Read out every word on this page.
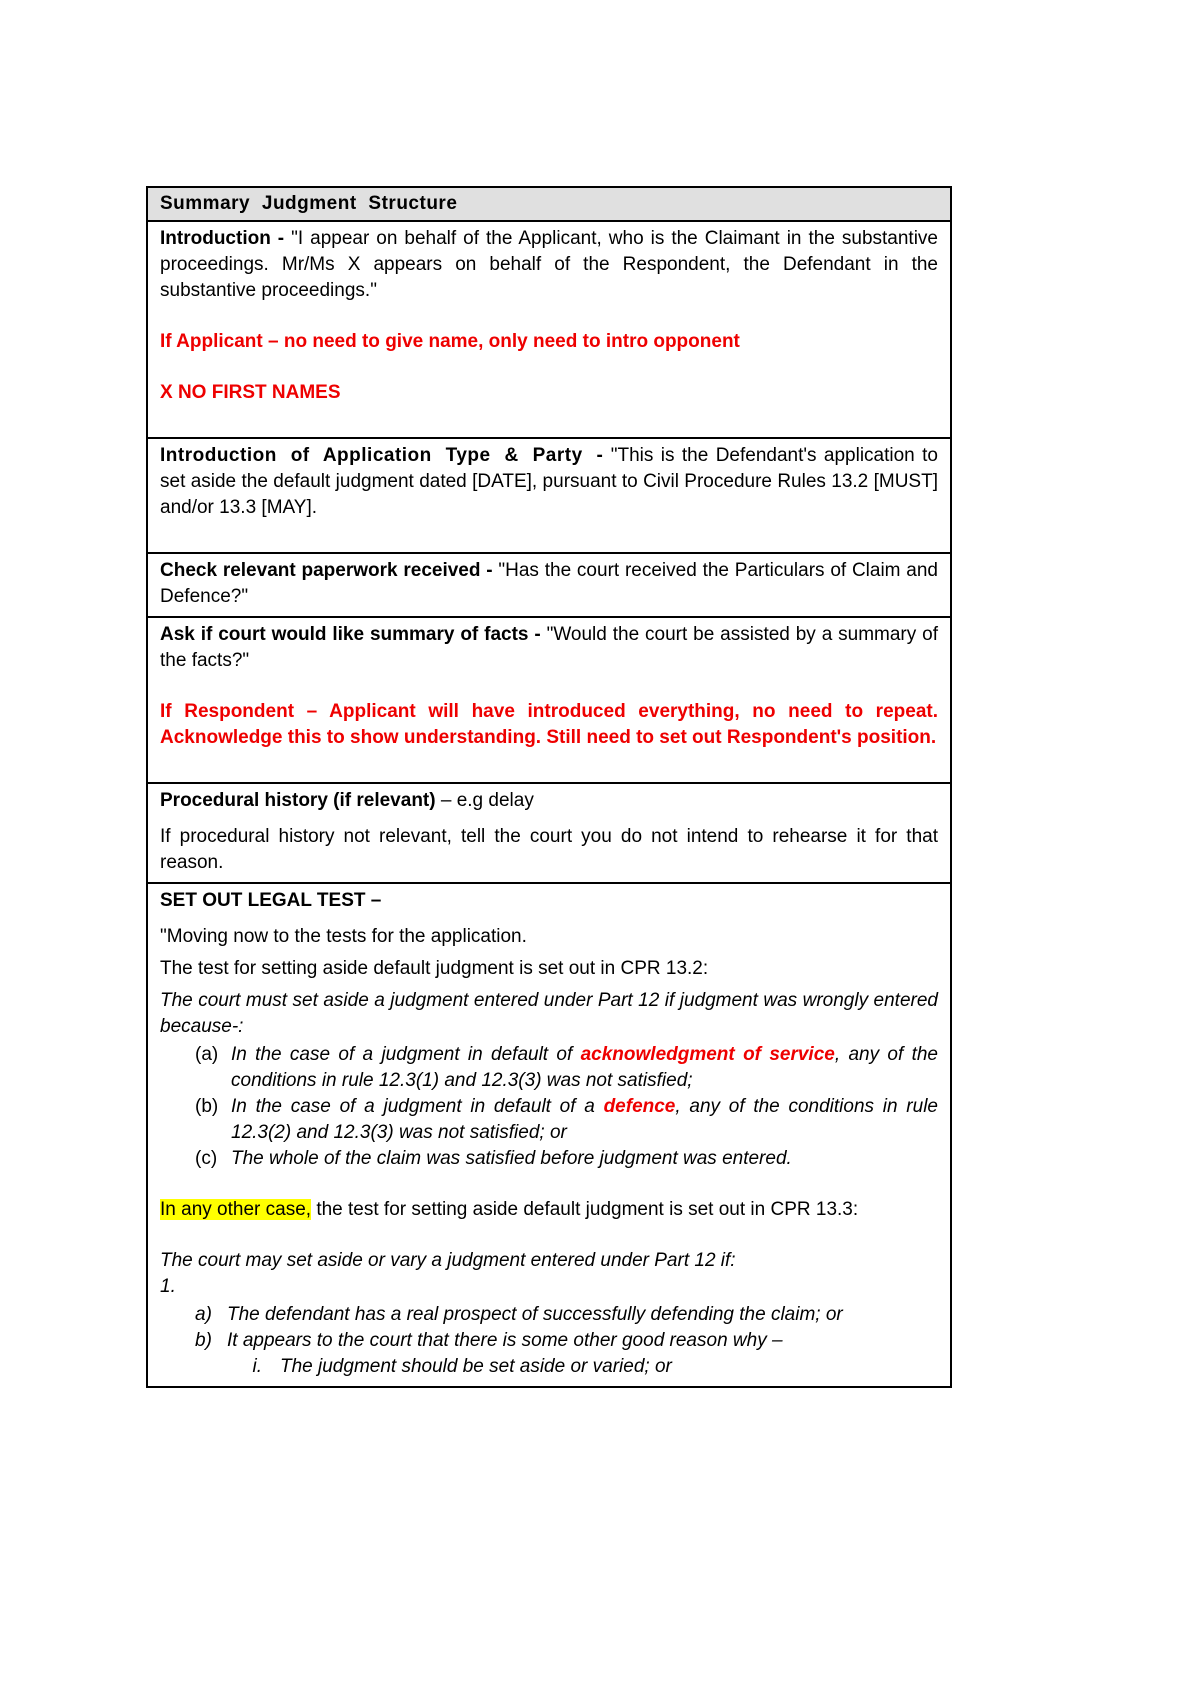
Summary Judgment Structure

Introduction - "I appear on behalf of the Applicant, who is the Claimant in the substantive proceedings. Mr/Ms X appears on behalf of the Respondent, the Defendant in the substantive proceedings."

If Applicant – no need to give name, only need to intro opponent

X NO FIRST NAMES

Introduction of Application Type & Party - "This is the Defendant's application to set aside the default judgment dated [DATE], pursuant to Civil Procedure Rules 13.2 [MUST] and/or 13.3 [MAY].

Check relevant paperwork received - "Has the court received the Particulars of Claim and Defence?"

Ask if court would like summary of facts - "Would the court be assisted by a summary of the facts?"

If Respondent – Applicant will have introduced everything, no need to repeat. Acknowledge this to show understanding. Still need to set out Respondent's position.

Procedural history (if relevant) – e.g delay

If procedural history not relevant, tell the court you do not intend to rehearse it for that reason.

SET OUT LEGAL TEST –

"Moving now to the tests for the application.

The test for setting aside default judgment is set out in CPR 13.2:

The court must set aside a judgment entered under Part 12 if judgment was wrongly entered because-:

(a) In the case of a judgment in default of acknowledgment of service, any of the conditions in rule 12.3(1) and 12.3(3) was not satisfied;
(b) In the case of a judgment in default of a defence, any of the conditions in rule 12.3(2) and 12.3(3) was not satisfied; or
(c) The whole of the claim was satisfied before judgment was entered.

In any other case, the test for setting aside default judgment is set out in CPR 13.3:

The court may set aside or vary a judgment entered under Part 12 if:

1.

a) The defendant has a real prospect of successfully defending the claim; or
b) It appears to the court that there is some other good reason why –
i. The judgment should be set aside or varied; or
